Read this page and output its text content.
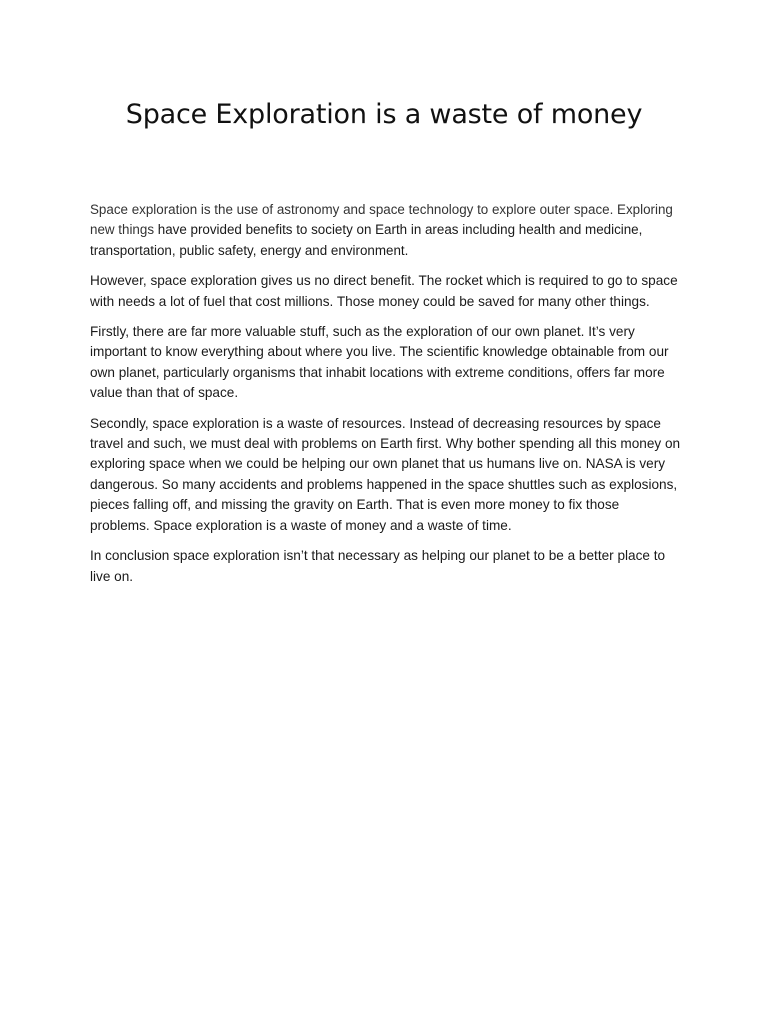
Space Exploration is a waste of money

Space exploration is the use of astronomy and space technology to explore outer space. Exploring new things have provided benefits to society on Earth in areas including health and medicine, transportation, public safety, energy and environment.

However, space exploration gives us no direct benefit. The rocket which is required to go to space with needs a lot of fuel that cost millions. Those money could be saved for many other things.

Firstly, there are far more valuable stuff, such as the exploration of our own planet. It’s very important to know everything about where you live. The scientific knowledge obtainable from our own planet, particularly organisms that inhabit locations with extreme conditions, offers far more value than that of space.

Secondly, space exploration is a waste of resources. Instead of decreasing resources by space travel and such, we must deal with problems on Earth first. Why bother spending all this money on exploring space when we could be helping our own planet that us humans live on. NASA is very dangerous. So many accidents and problems happened in the space shuttles such as explosions, pieces falling off, and missing the gravity on Earth. That is even more money to fix those problems. Space exploration is a waste of money and a waste of time.

In conclusion space exploration isn’t that necessary as helping our planet to be a better place to live on.
